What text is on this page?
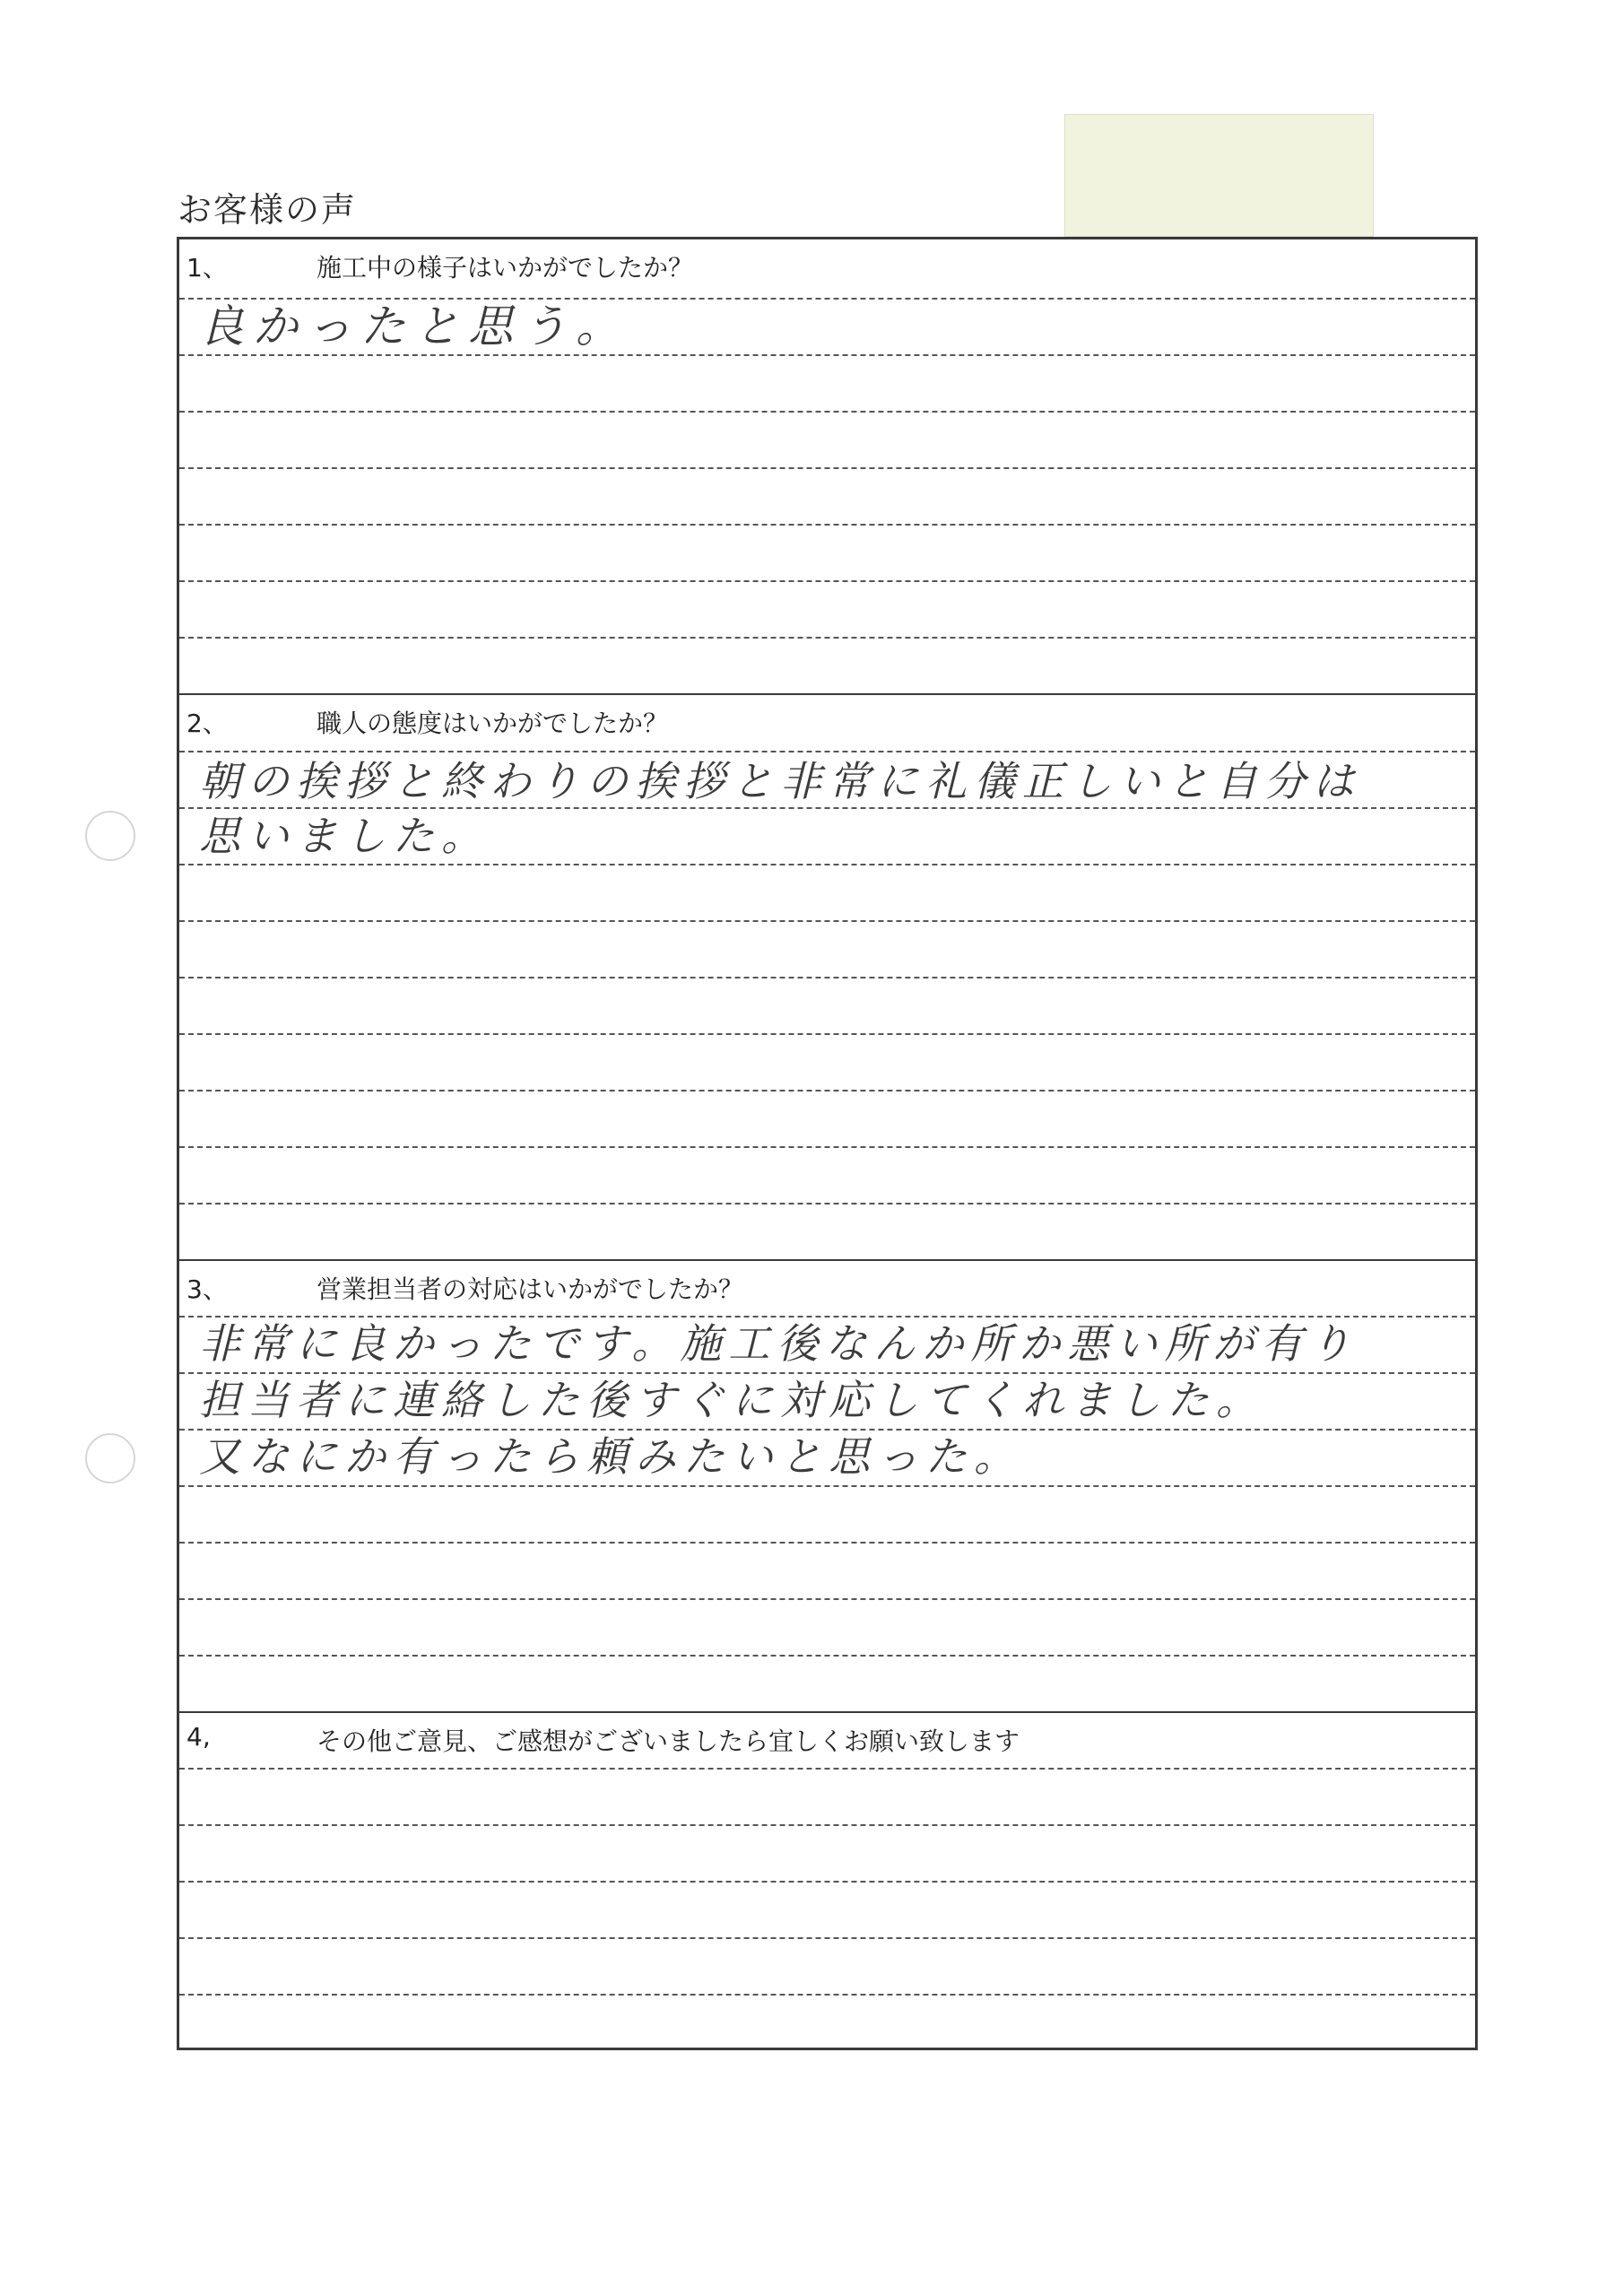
お客様の声
1、	施工中の様子はいかがでしたか？
良かったと思う。
2、	職人の態度はいかがでしたか？
朝の挨拶と終わりの挨拶と非常に礼儀正しいと自分は
思いました。
3、	営業担当者の対応はいかがでしたか？
非常に良かったです。施工後なんか所か悪い所が有り
担当者に連絡した後すぐに対応してくれました。
又なにか有ったら頼みたいと思った。
4,	その他ご意見、ご感想がございましたら宜しくお願い致します
